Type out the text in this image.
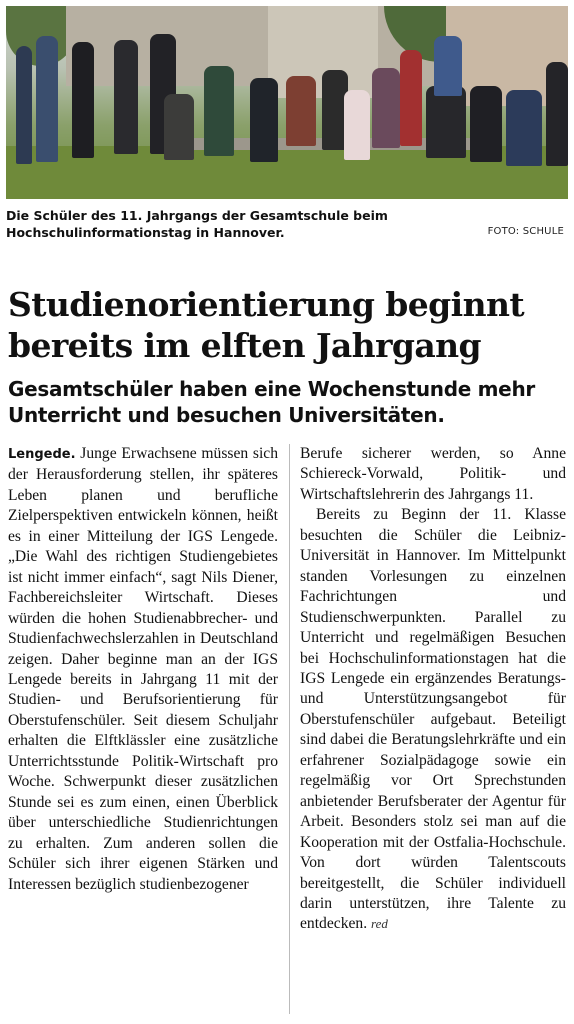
Die Schüler des 11. Jahrgangs der Gesamtschule beim Hochschulinformationstag in Hannover.	FOTO: SCHULE
Studienorientierung beginnt
bereits im elften Jahrgang
Gesamtschüler haben eine Wochenstunde mehr
Unterricht und besuchen Universitäten.

Lengede. Junge Erwachsene müssen sich der Herausforderung stellen, ihr späteres Leben planen und berufliche Zielperspektiven entwickeln können, heißt es in einer Mitteilung der IGS Lengede. „Die Wahl des richtigen Studiengebietes ist nicht immer einfach“, sagt Nils Diener, Fachbereichsleiter Wirtschaft. Dieses würden die hohen Studienabbrecher- und Studienfachwechslerzahlen in Deutschland zeigen. Daher beginne man an der IGS Lengede bereits in Jahrgang 11 mit der Studien- und Berufsorientierung für Oberstufenschüler. Seit diesem Schuljahr erhalten die Elftklässler eine zusätzliche Unterrichtsstunde Politik-Wirtschaft pro Woche. Schwerpunkt dieser zusätzlichen Stunde sei es zum einen, einen Überblick über unterschiedliche Studienrichtungen zu erhalten. Zum anderen sollen die Schüler sich ihrer eigenen Stärken und Interessen bezüglich studienbezogener

Berufe sicherer werden, so Anne Schiereck-Vorwald, Politik- und Wirtschaftslehrerin des Jahrgangs 11.

Bereits zu Beginn der 11. Klasse besuchten die Schüler die Leibniz-Universität in Hannover. Im Mittelpunkt standen Vorlesungen zu einzelnen Fachrichtungen und Studienschwerpunkten. Parallel zu Unterricht und regelmäßigen Besuchen bei Hochschulinformationstagen hat die IGS Lengede ein ergänzendes Beratungs- und Unterstützungsangebot für Oberstufenschüler aufgebaut. Beteiligt sind dabei die Beratungslehrkräfte und ein erfahrener Sozialpädagoge sowie ein regelmäßig vor Ort Sprechstunden anbietender Berufsberater der Agentur für Arbeit. Besonders stolz sei man auf die Kooperation mit der Ostfalia-Hochschule. Von dort würden Talentscouts bereitgestellt, die Schüler individuell darin unterstützen, ihre Talente zu entdecken. red
